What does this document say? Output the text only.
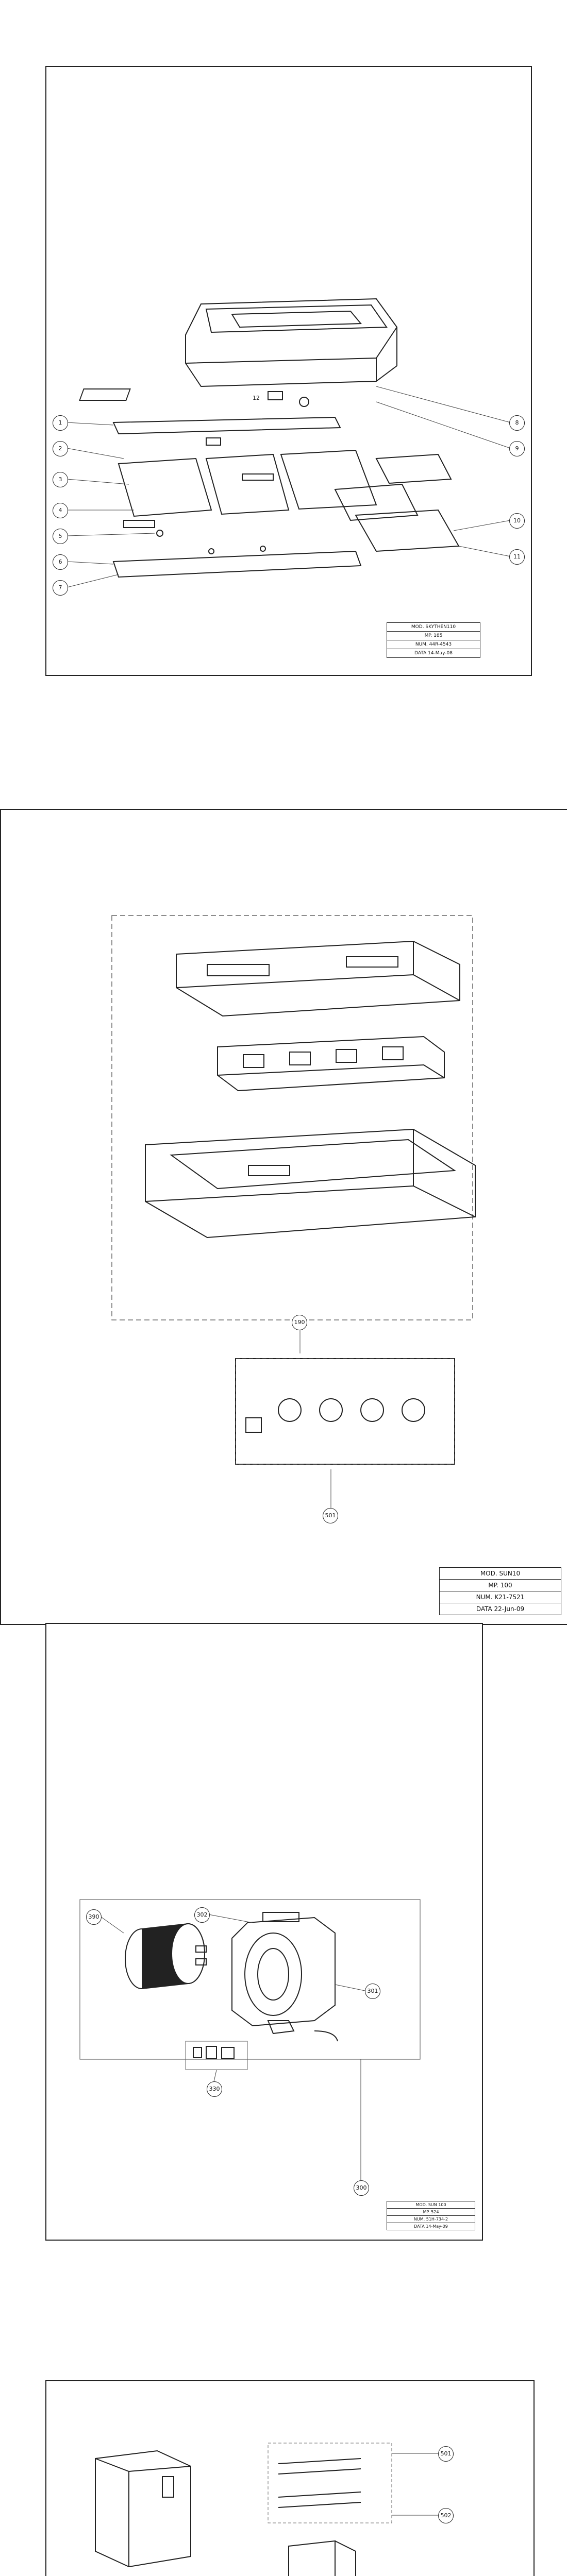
1
2
3
4
5
6
7
8
9
10
11
12
MOD. SKYTHEN110
MP. 185
NUM. 44R-4543
DATA 14-May-08
190
501
MOD. SUN10
MP. 100
NUM. K21-7521
DATA 22-Jun-09
390	302
301
300
330
MOD. SUN 100
MP. 524
NUM. 51H-734-2
DATA 14-May-09
501
502
